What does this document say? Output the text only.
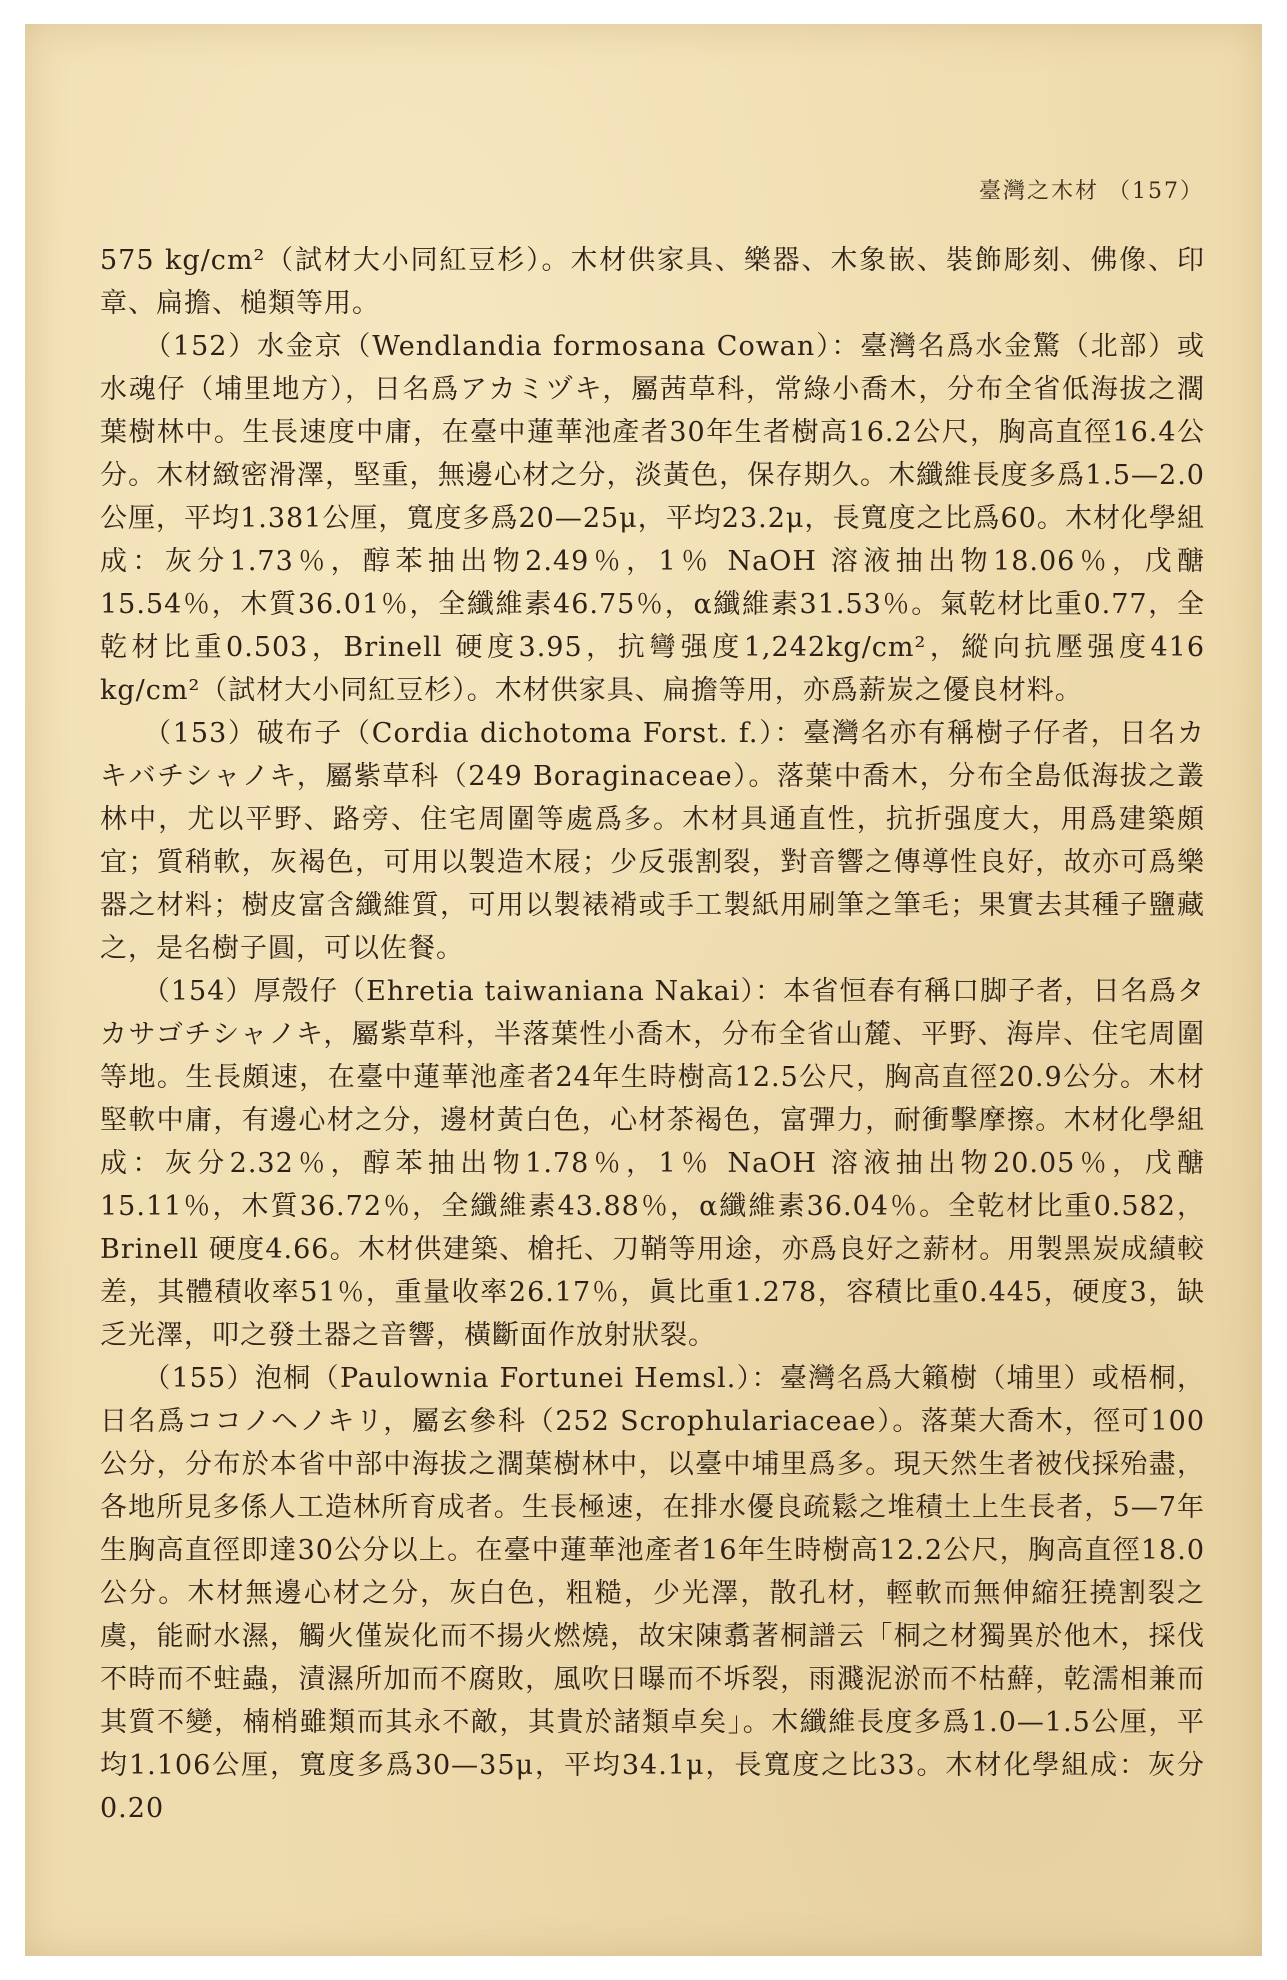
臺灣之木材 （157）

575 kg/cm²（試材大小同紅豆杉）。木材供家具、樂器、木象嵌、裝飾彫刻、佛像、印章、扁擔、槌類等用。

　　（152）水金京（Wendlandia formosana Cowan）：臺灣名爲水金驚（北部）或水魂仔（埔里地方），日名爲アカミヅキ，屬茜草科，常綠小喬木，分布全省低海拔之濶葉樹林中。生長速度中庸，在臺中蓮華池產者30年生者樹高16.2公尺，胸高直徑16.4公分。木材緻密滑澤，堅重，無邊心材之分，淡黃色，保存期久。木纖維長度多爲1.5—2.0公厘，平均1.381公厘，寬度多爲20—25μ，平均23.2μ，長寬度之比爲60。木材化學組成：灰分1.73％，醇苯抽出物2.49％，1％ NaOH 溶液抽出物18.06％，戊醣15.54％，木質36.01％，全纖維素46.75％，α纖維素31.53％。氣乾材比重0.77，全乾材比重0.503，Brinell 硬度3.95，抗彎强度1,242kg/cm²，縱向抗壓强度416 kg/cm²（試材大小同紅豆杉）。木材供家具、扁擔等用，亦爲薪炭之優良材料。

　　（153）破布子（Cordia dichotoma Forst. f.）：臺灣名亦有稱樹子仔者，日名カキバチシャノキ，屬紫草科（249 Boraginaceae）。落葉中喬木，分布全島低海拔之叢林中，尤以平野、路旁、住宅周圍等處爲多。木材具通直性，抗折强度大，用爲建築頗宜；質稍軟，灰褐色，可用以製造木屐；少反張割裂，對音響之傳導性良好，故亦可爲樂器之材料；樹皮富含纖維質，可用以製裱褙或手工製紙用刷筆之筆毛；果實去其種子鹽藏之，是名樹子圓，可以佐餐。

　　（154）厚殼仔（Ehretia taiwaniana Nakai）：本省恒春有稱口脚子者，日名爲タカサゴチシャノキ，屬紫草科，半落葉性小喬木，分布全省山麓、平野、海岸、住宅周圍等地。生長頗速，在臺中蓮華池產者24年生時樹高12.5公尺，胸高直徑20.9公分。木材堅軟中庸，有邊心材之分，邊材黃白色，心材茶褐色，富彈力，耐衝擊摩擦。木材化學組成：灰分2.32％，醇苯抽出物1.78％，1％ NaOH 溶液抽出物20.05％，戊醣15.11％，木質36.72％，全纖維素43.88％，α纖維素36.04％。全乾材比重0.582，Brinell 硬度4.66。木材供建築、槍托、刀鞘等用途，亦爲良好之薪材。用製黑炭成績較差，其體積收率51％，重量收率26.17％，眞比重1.278，容積比重0.445，硬度3，缺乏光澤，叩之發土器之音響，橫斷面作放射狀裂。

　　（155）泡桐（Paulownia Fortunei Hemsl.）：臺灣名爲大籟樹（埔里）或梧桐，日名爲ココノヘノキリ，屬玄參科（252 Scrophulariaceae）。落葉大喬木，徑可100公分，分布於本省中部中海拔之濶葉樹林中，以臺中埔里爲多。現天然生者被伐採殆盡，各地所見多係人工造林所育成者。生長極速，在排水優良疏鬆之堆積土上生長者，5—7年生胸高直徑即達30公分以上。在臺中蓮華池產者16年生時樹高12.2公尺，胸高直徑18.0公分。木材無邊心材之分，灰白色，粗糙，少光澤，散孔材，輕軟而無伸縮狂撓割裂之虞，能耐水濕，觸火僅炭化而不揚火燃燒，故宋陳翥著桐譜云「桐之材獨異於他木，採伐不時而不蛀蟲，漬濕所加而不腐敗，風吹日曝而不坼裂，雨濺泥淤而不枯蘚，乾濡相兼而其質不變，楠梢雖類而其永不敵，其貴於諸類卓矣」。木纖維長度多爲1.0—1.5公厘，平均1.106公厘，寬度多爲30—35μ，平均34.1μ，長寬度之比33。木材化學組成：灰分0.20
